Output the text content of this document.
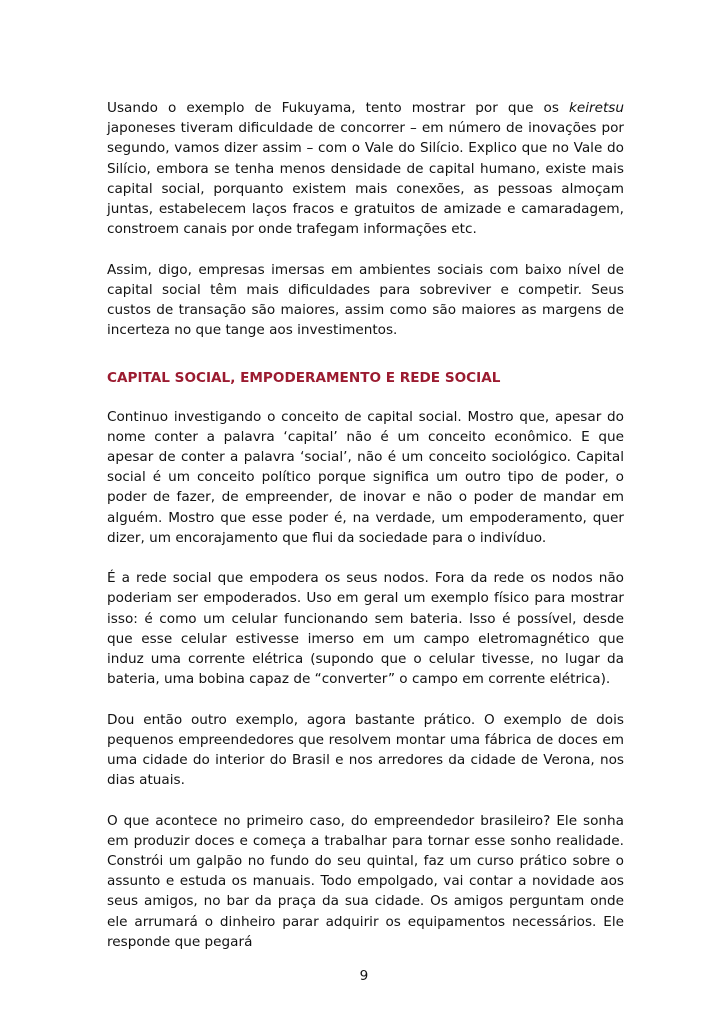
Usando o exemplo de Fukuyama, tento mostrar por que os keiretsu japoneses tiveram dificuldade de concorrer – em número de inovações por segundo, vamos dizer assim – com o Vale do Silício. Explico que no Vale do Silício, embora se tenha menos densidade de capital humano, existe mais capital social, porquanto existem mais conexões, as pessoas almoçam juntas, estabelecem laços fracos e gratuitos de amizade e camaradagem, constroem canais por onde trafegam informações etc.

Assim, digo, empresas imersas em ambientes sociais com baixo nível de capital social têm mais dificuldades para sobreviver e competir. Seus custos de transação são maiores, assim como são maiores as margens de incerteza no que tange aos investimentos.

CAPITAL SOCIAL, EMPODERAMENTO E REDE SOCIAL

Continuo investigando o conceito de capital social. Mostro que, apesar do nome conter a palavra ‘capital’ não é um conceito econômico. E que apesar de conter a palavra ‘social’, não é um conceito sociológico. Capital social é um conceito político porque significa um outro tipo de poder, o poder de fazer, de empreender, de inovar e não o poder de mandar em alguém. Mostro que esse poder é, na verdade, um empoderamento, quer dizer, um encorajamento que flui da sociedade para o indivíduo.

É a rede social que empodera os seus nodos. Fora da rede os nodos não poderiam ser empoderados. Uso em geral um exemplo físico para mostrar isso: é como um celular funcionando sem bateria. Isso é possível, desde que esse celular estivesse imerso em um campo eletromagnético que induz uma corrente elétrica (supondo que o celular tivesse, no lugar da bateria, uma bobina capaz de “converter” o campo em corrente elétrica).

Dou então outro exemplo, agora bastante prático. O exemplo de dois pequenos empreendedores que resolvem montar uma fábrica de doces em uma cidade do interior do Brasil e nos arredores da cidade de Verona, nos dias atuais.

O que acontece no primeiro caso, do empreendedor brasileiro? Ele sonha em produzir doces e começa a trabalhar para tornar esse sonho realidade. Constrói um galpão no fundo do seu quintal, faz um curso prático sobre o assunto e estuda os manuais. Todo empolgado, vai contar a novidade aos seus amigos, no bar da praça da sua cidade. Os amigos perguntam onde ele arrumará o dinheiro parar adquirir os equipamentos necessários. Ele responde que pegará

9
